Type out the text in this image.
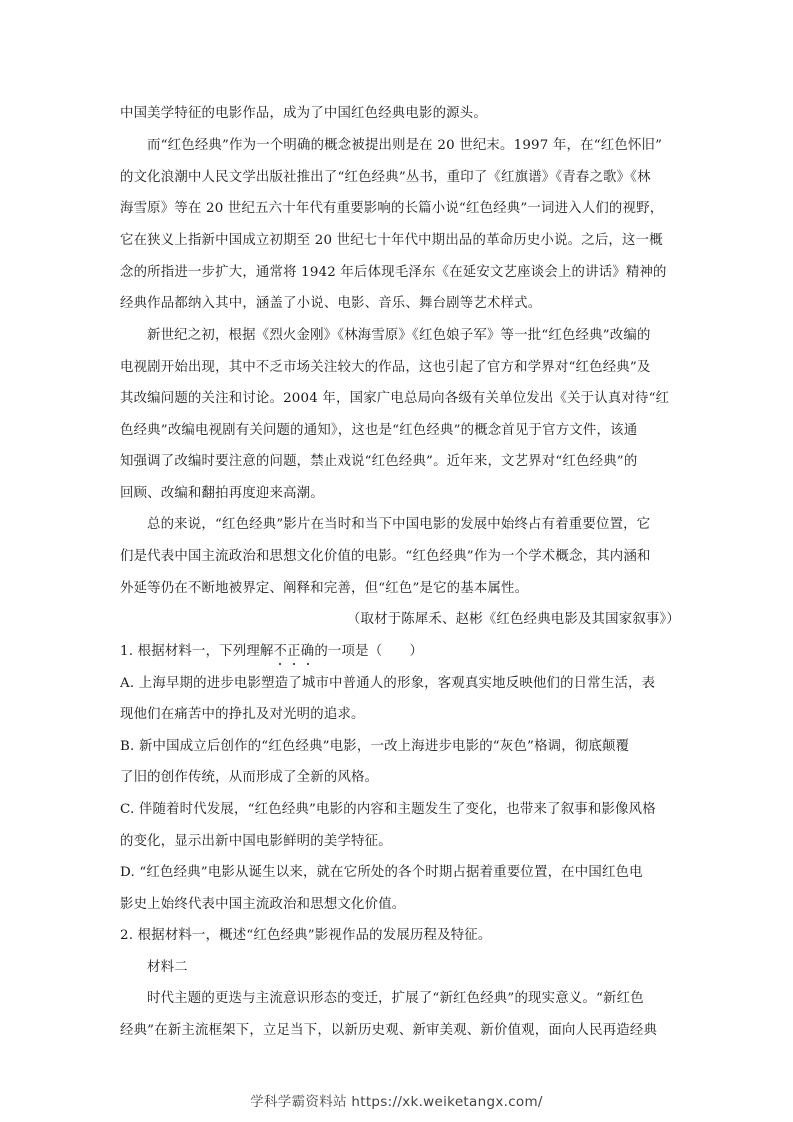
中国美学特征的电影作品，成为了中国红色经典电影的源头。
而“红色经典”作为一个明确的概念被提出则是在 20 世纪末。1997 年，在“红色怀旧”
的文化浪潮中人民文学出版社推出了“红色经典”丛书，重印了《红旗谱》《青春之歌》《林
海雪原》等在 20 世纪五六十年代有重要影响的长篇小说“红色经典”一词进入人们的视野，
它在狭义上指新中国成立初期至 20 世纪七十年代中期出品的革命历史小说。之后，这一概
念的所指进一步扩大，通常将 1942 年后体现毛泽东《在延安文艺座谈会上的讲话》精神的
经典作品都纳入其中，涵盖了小说、电影、音乐、舞台剧等艺术样式。
新世纪之初，根据《烈火金刚》《林海雪原》《红色娘子军》等一批“红色经典”改编的
电视剧开始出现，其中不乏市场关注较大的作品，这也引起了官方和学界对“红色经典”及
其改编问题的关注和讨论。2004 年，国家广电总局向各级有关单位发出《关于认真对待“红
色经典”改编电视剧有关问题的通知》，这也是“红色经典”的概念首见于官方文件，该通
知强调了改编时要注意的问题，禁止戏说“红色经典”。近年来，文艺界对“红色经典”的
回顾、改编和翻拍再度迎来高潮。
总的来说，“红色经典”影片在当时和当下中国电影的发展中始终占有着重要位置，它
们是代表中国主流政治和思想文化价值的电影。“红色经典”作为一个学术概念，其内涵和
外延等仍在不断地被界定、阐释和完善，但“红色”是它的基本属性。
（取材于陈犀禾、赵彬《红色经典电影及其国家叙事》）
1. 根据材料一，下列理解不正确的一项是（　　）
A. 上海早期的进步电影塑造了城市中普通人的形象，客观真实地反映他们的日常生活，表
现他们在痛苦中的挣扎及对光明的追求。
B. 新中国成立后创作的“红色经典”电影，一改上海进步电影的“灰色”格调，彻底颠覆
了旧的创作传统，从而形成了全新的风格。
C. 伴随着时代发展，“红色经典”电影的内容和主题发生了变化，也带来了叙事和影像风格
的变化，显示出新中国电影鲜明的美学特征。
D. “红色经典”电影从诞生以来，就在它所处的各个时期占据着重要位置，在中国红色电
影史上始终代表中国主流政治和思想文化价值。
2. 根据材料一，概述“红色经典”影视作品的发展历程及特征。
材料二
时代主题的更迭与主流意识形态的变迁，扩展了“新红色经典”的现实意义。“新红色
经典”在新主流框架下，立足当下，以新历史观、新审美观、新价值观，面向人民再造经典
学科学霸资料站 https://xk.weiketangx.com/
